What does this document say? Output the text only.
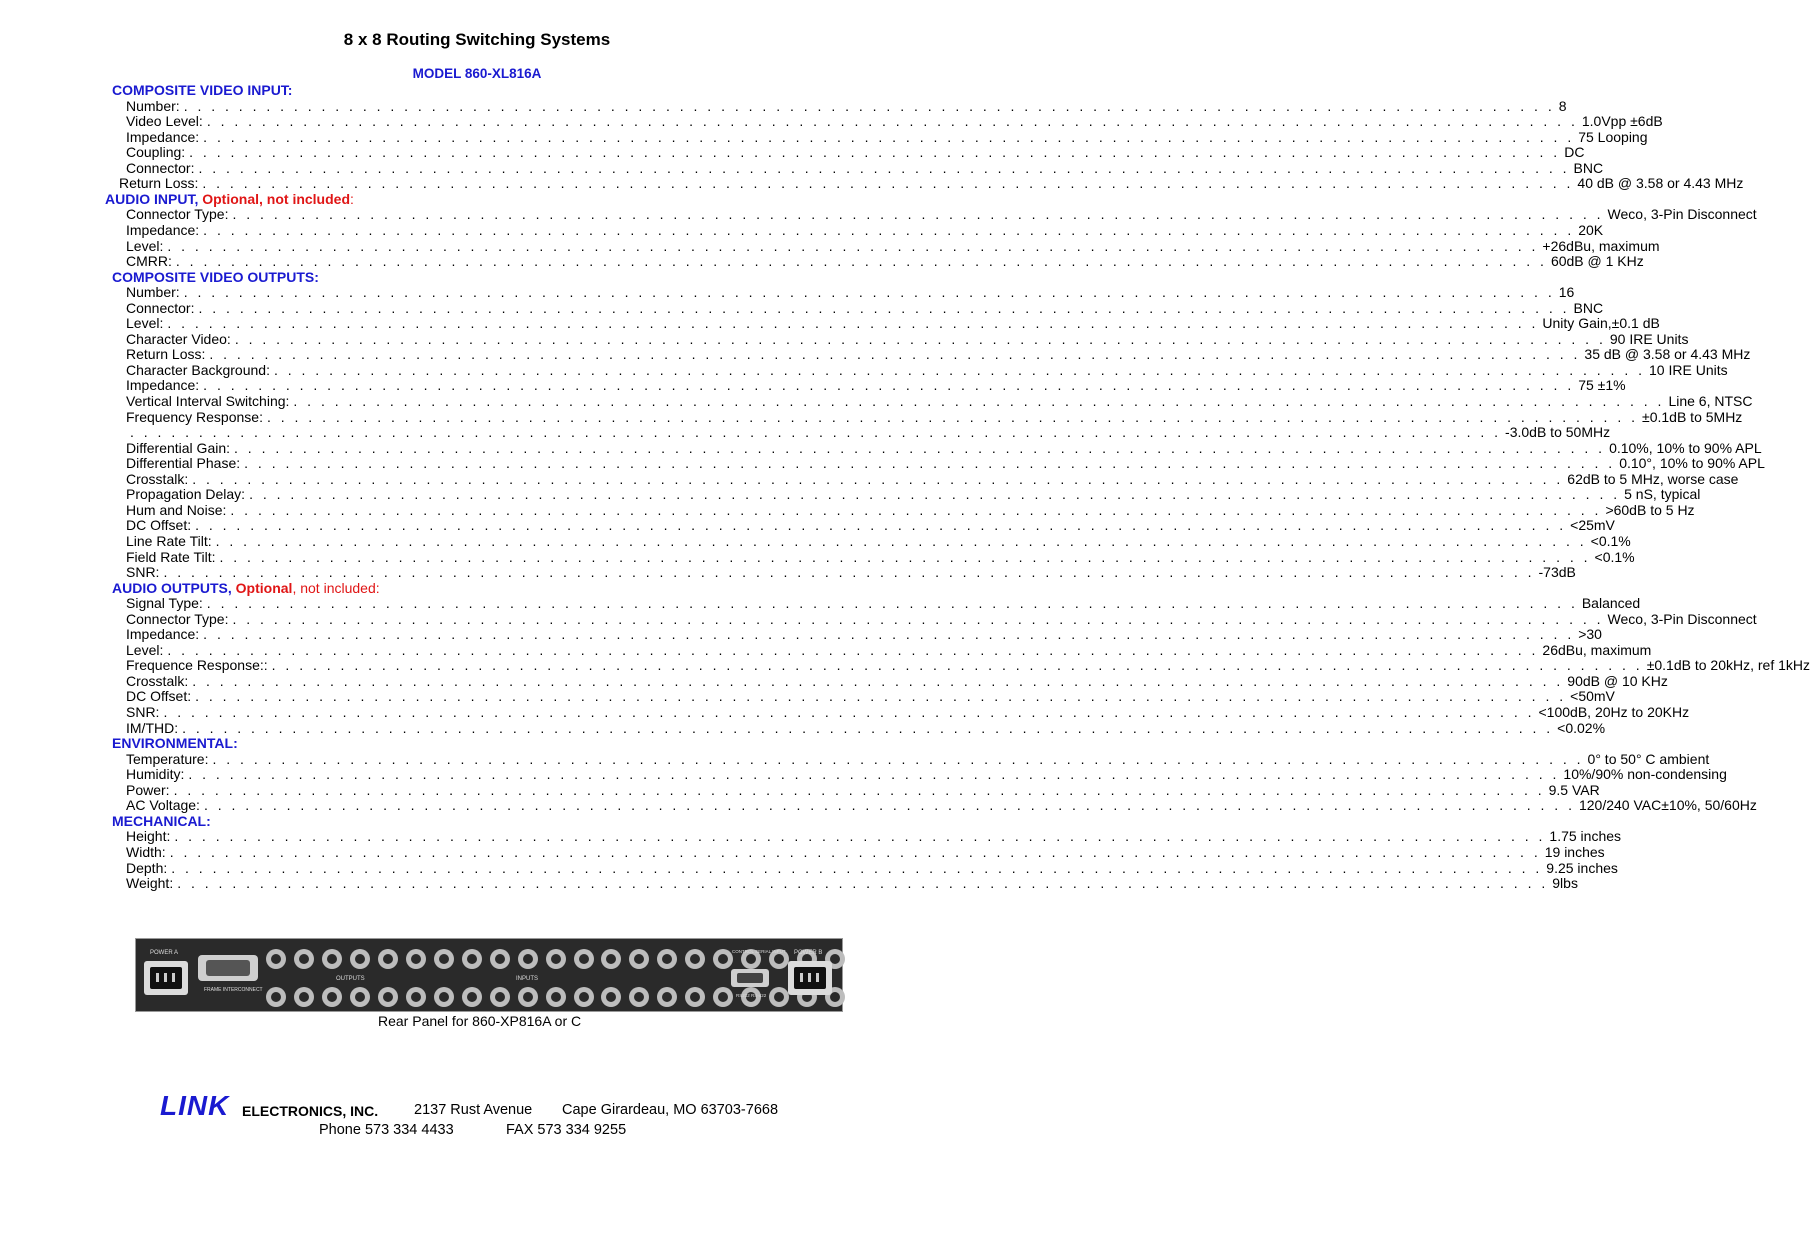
8 x 8 Routing Switching Systems
MODEL 860-XL816A
COMPOSITE VIDEO INPUT:
Number: . . . . . . . . . . . . . . . . . . . . . . . . . . . . . . . . . . . . . . . . . . . . . . . . . . . . . . . . . . . . . . . . . . . . . . . . . . . . . . . . . . . . . . . . . . . . . . . . . . . . 8
Video Level: . . . . . . . . . . . . . . . . . . . . . . . . . . . . . . . . . . . . . . . . . . . . . . . . . . . . . . . . . . . . . . . . . . . . . . . . . . . . . . . . . . . . . . . . . . . . . . . . . . . . 1.0Vpp ±6dB
Impedance: . . . . . . . . . . . . . . . . . . . . . . . . . . . . . . . . . . . . . . . . . . . . . . . . . . . . . . . . . . . . . . . . . . . . . . . . . . . . . . . . . . . . . . . . . . . . . . . . . . . . 75 Looping
Coupling: . . . . . . . . . . . . . . . . . . . . . . . . . . . . . . . . . . . . . . . . . . . . . . . . . . . . . . . . . . . . . . . . . . . . . . . . . . . . . . . . . . . . . . . . . . . . . . . . . . . . DC
Connector: . . . . . . . . . . . . . . . . . . . . . . . . . . . . . . . . . . . . . . . . . . . . . . . . . . . . . . . . . . . . . . . . . . . . . . . . . . . . . . . . . . . . . . . . . . . . . . . . . . . . BNC
Return Loss: . . . . . . . . . . . . . . . . . . . . . . . . . . . . . . . . . . . . . . . . . . . . . . . . . . . . . . . . . . . . . . . . . . . . . . . . . . . . . . . . . . . . . . . . . . . . . . . . . . . . 40 dB @ 3.58 or 4.43 MHz
AUDIO INPUT, Optional, not included:
Connector Type: . . . . . . . . . . . . . . . . . . . . . . . . . . . . . . . . . . . . . . . . . . . . . . . . . . . . . . . . . . . . . . . . . . . . . . . . . . . . . . . . . . . . . . . . . . . . . . . . . . . . Weco, 3-Pin Disconnect
Impedance: . . . . . . . . . . . . . . . . . . . . . . . . . . . . . . . . . . . . . . . . . . . . . . . . . . . . . . . . . . . . . . . . . . . . . . . . . . . . . . . . . . . . . . . . . . . . . . . . . . . . 20K
Level: . . . . . . . . . . . . . . . . . . . . . . . . . . . . . . . . . . . . . . . . . . . . . . . . . . . . . . . . . . . . . . . . . . . . . . . . . . . . . . . . . . . . . . . . . . . . . . . . . . . . +26dBu, maximum
CMRR: . . . . . . . . . . . . . . . . . . . . . . . . . . . . . . . . . . . . . . . . . . . . . . . . . . . . . . . . . . . . . . . . . . . . . . . . . . . . . . . . . . . . . . . . . . . . . . . . . . . . 60dB @ 1 KHz
COMPOSITE VIDEO OUTPUTS:
Number: . . . . . . . . . . . . . . . . . . . . . . . . . . . . . . . . . . . . . . . . . . . . . . . . . . . . . . . . . . . . . . . . . . . . . . . . . . . . . . . . . . . . . . . . . . . . . . . . . . . . 16
Connector: . . . . . . . . . . . . . . . . . . . . . . . . . . . . . . . . . . . . . . . . . . . . . . . . . . . . . . . . . . . . . . . . . . . . . . . . . . . . . . . . . . . . . . . . . . . . . . . . . . . . BNC
Level: . . . . . . . . . . . . . . . . . . . . . . . . . . . . . . . . . . . . . . . . . . . . . . . . . . . . . . . . . . . . . . . . . . . . . . . . . . . . . . . . . . . . . . . . . . . . . . . . . . . . Unity Gain,±0.1 dB
Character Video: . . . . . . . . . . . . . . . . . . . . . . . . . . . . . . . . . . . . . . . . . . . . . . . . . . . . . . . . . . . . . . . . . . . . . . . . . . . . . . . . . . . . . . . . . . . . . . . . . . . . 90 IRE Units
Return Loss: . . . . . . . . . . . . . . . . . . . . . . . . . . . . . . . . . . . . . . . . . . . . . . . . . . . . . . . . . . . . . . . . . . . . . . . . . . . . . . . . . . . . . . . . . . . . . . . . . . . . 35 dB @ 3.58 or 4.43 MHz
Character Background: . . . . . . . . . . . . . . . . . . . . . . . . . . . . . . . . . . . . . . . . . . . . . . . . . . . . . . . . . . . . . . . . . . . . . . . . . . . . . . . . . . . . . . . . . . . . . . . . . . . . 10 IRE Units
Impedance: . . . . . . . . . . . . . . . . . . . . . . . . . . . . . . . . . . . . . . . . . . . . . . . . . . . . . . . . . . . . . . . . . . . . . . . . . . . . . . . . . . . . . . . . . . . . . . . . . . . . 75 ±1%
Vertical Interval Switching: . . . . . . . . . . . . . . . . . . . . . . . . . . . . . . . . . . . . . . . . . . . . . . . . . . . . . . . . . . . . . . . . . . . . . . . . . . . . . . . . . . . . . . . . . . . . . . . . . . . . Line 6, NTSC
Frequency Response: . . . . . . . . . . . . . . . . . . . . . . . . . . . . . . . . . . . . . . . . . . . . . . . . . . . . . . . . . . . . . . . . . . . . . . . . . . . . . . . . . . . . . . . . . . . . . . . . . . . . ±0.1dB to 5MHz
. . . . . . . . . . . . . . . . . . . . . . . . . . . . . . . . . . . . . . . . . . . . . . . . . . . . . . . . . . . . . . . . . . . . . . . . . . . . . . . . . . . . . . . . . . . . . . . . . . . . -3.0dB to 50MHz
Differential Gain: . . . . . . . . . . . . . . . . . . . . . . . . . . . . . . . . . . . . . . . . . . . . . . . . . . . . . . . . . . . . . . . . . . . . . . . . . . . . . . . . . . . . . . . . . . . . . . . . . . . . 0.10%, 10% to 90% APL
Differential Phase: . . . . . . . . . . . . . . . . . . . . . . . . . . . . . . . . . . . . . . . . . . . . . . . . . . . . . . . . . . . . . . . . . . . . . . . . . . . . . . . . . . . . . . . . . . . . . . . . . . . . 0.10°, 10% to 90% APL
Crosstalk: . . . . . . . . . . . . . . . . . . . . . . . . . . . . . . . . . . . . . . . . . . . . . . . . . . . . . . . . . . . . . . . . . . . . . . . . . . . . . . . . . . . . . . . . . . . . . . . . . . . . 62dB to 5 MHz, worse case
Propagation Delay: . . . . . . . . . . . . . . . . . . . . . . . . . . . . . . . . . . . . . . . . . . . . . . . . . . . . . . . . . . . . . . . . . . . . . . . . . . . . . . . . . . . . . . . . . . . . . . . . . . . . 5 nS, typical
Hum and Noise: . . . . . . . . . . . . . . . . . . . . . . . . . . . . . . . . . . . . . . . . . . . . . . . . . . . . . . . . . . . . . . . . . . . . . . . . . . . . . . . . . . . . . . . . . . . . . . . . . . . . >60dB to 5 Hz
DC Offset: . . . . . . . . . . . . . . . . . . . . . . . . . . . . . . . . . . . . . . . . . . . . . . . . . . . . . . . . . . . . . . . . . . . . . . . . . . . . . . . . . . . . . . . . . . . . . . . . . . . . <25mV
Line Rate Tilt: . . . . . . . . . . . . . . . . . . . . . . . . . . . . . . . . . . . . . . . . . . . . . . . . . . . . . . . . . . . . . . . . . . . . . . . . . . . . . . . . . . . . . . . . . . . . . . . . . . . . <0.1%
Field Rate Tilt: . . . . . . . . . . . . . . . . . . . . . . . . . . . . . . . . . . . . . . . . . . . . . . . . . . . . . . . . . . . . . . . . . . . . . . . . . . . . . . . . . . . . . . . . . . . . . . . . . . . . <0.1%
SNR: . . . . . . . . . . . . . . . . . . . . . . . . . . . . . . . . . . . . . . . . . . . . . . . . . . . . . . . . . . . . . . . . . . . . . . . . . . . . . . . . . . . . . . . . . . . . . . . . . . . . -73dB
AUDIO OUTPUTS, Optional, not included:
Signal Type: . . . . . . . . . . . . . . . . . . . . . . . . . . . . . . . . . . . . . . . . . . . . . . . . . . . . . . . . . . . . . . . . . . . . . . . . . . . . . . . . . . . . . . . . . . . . . . . . . . . . Balanced
Connector Type: . . . . . . . . . . . . . . . . . . . . . . . . . . . . . . . . . . . . . . . . . . . . . . . . . . . . . . . . . . . . . . . . . . . . . . . . . . . . . . . . . . . . . . . . . . . . . . . . . . . . Weco, 3-Pin Disconnect
Impedance: . . . . . . . . . . . . . . . . . . . . . . . . . . . . . . . . . . . . . . . . . . . . . . . . . . . . . . . . . . . . . . . . . . . . . . . . . . . . . . . . . . . . . . . . . . . . . . . . . . . . >30
Level: . . . . . . . . . . . . . . . . . . . . . . . . . . . . . . . . . . . . . . . . . . . . . . . . . . . . . . . . . . . . . . . . . . . . . . . . . . . . . . . . . . . . . . . . . . . . . . . . . . . . 26dBu, maximum
Frequence Response:: . . . . . . . . . . . . . . . . . . . . . . . . . . . . . . . . . . . . . . . . . . . . . . . . . . . . . . . . . . . . . . . . . . . . . . . . . . . . . . . . . . . . . . . . . . . . . . . . . . . . ±0.1dB to 20kHz, ref 1kHz
Crosstalk: . . . . . . . . . . . . . . . . . . . . . . . . . . . . . . . . . . . . . . . . . . . . . . . . . . . . . . . . . . . . . . . . . . . . . . . . . . . . . . . . . . . . . . . . . . . . . . . . . . . . 90dB @ 10 KHz
DC Offset: . . . . . . . . . . . . . . . . . . . . . . . . . . . . . . . . . . . . . . . . . . . . . . . . . . . . . . . . . . . . . . . . . . . . . . . . . . . . . . . . . . . . . . . . . . . . . . . . . . . . <50mV
SNR: . . . . . . . . . . . . . . . . . . . . . . . . . . . . . . . . . . . . . . . . . . . . . . . . . . . . . . . . . . . . . . . . . . . . . . . . . . . . . . . . . . . . . . . . . . . . . . . . . . . . <100dB, 20Hz to 20KHz
IM/THD: . . . . . . . . . . . . . . . . . . . . . . . . . . . . . . . . . . . . . . . . . . . . . . . . . . . . . . . . . . . . . . . . . . . . . . . . . . . . . . . . . . . . . . . . . . . . . . . . . . . . <0.02%
ENVIRONMENTAL:
Temperature: . . . . . . . . . . . . . . . . . . . . . . . . . . . . . . . . . . . . . . . . . . . . . . . . . . . . . . . . . . . . . . . . . . . . . . . . . . . . . . . . . . . . . . . . . . . . . . . . . . . . 0° to 50° C ambient
Humidity: . . . . . . . . . . . . . . . . . . . . . . . . . . . . . . . . . . . . . . . . . . . . . . . . . . . . . . . . . . . . . . . . . . . . . . . . . . . . . . . . . . . . . . . . . . . . . . . . . . . . 10%/90% non-condensing
Power: . . . . . . . . . . . . . . . . . . . . . . . . . . . . . . . . . . . . . . . . . . . . . . . . . . . . . . . . . . . . . . . . . . . . . . . . . . . . . . . . . . . . . . . . . . . . . . . . . . . . 9.5 VAR
AC Voltage: . . . . . . . . . . . . . . . . . . . . . . . . . . . . . . . . . . . . . . . . . . . . . . . . . . . . . . . . . . . . . . . . . . . . . . . . . . . . . . . . . . . . . . . . . . . . . . . . . . . . 120/240 VAC±10%, 50/60Hz
MECHANICAL:
Height: . . . . . . . . . . . . . . . . . . . . . . . . . . . . . . . . . . . . . . . . . . . . . . . . . . . . . . . . . . . . . . . . . . . . . . . . . . . . . . . . . . . . . . . . . . . . . . . . . . . . 1.75 inches
Width: . . . . . . . . . . . . . . . . . . . . . . . . . . . . . . . . . . . . . . . . . . . . . . . . . . . . . . . . . . . . . . . . . . . . . . . . . . . . . . . . . . . . . . . . . . . . . . . . . . . . 19 inches
Depth: . . . . . . . . . . . . . . . . . . . . . . . . . . . . . . . . . . . . . . . . . . . . . . . . . . . . . . . . . . . . . . . . . . . . . . . . . . . . . . . . . . . . . . . . . . . . . . . . . . . . 9.25 inches
Weight: . . . . . . . . . . . . . . . . . . . . . . . . . . . . . . . . . . . . . . . . . . . . . . . . . . . . . . . . . . . . . . . . . . . . . . . . . . . . . . . . . . . . . . . . . . . . . . . . . . . . 9lbs
POWER A
FRAME INTERCONNECT
OUTPUTS	INPUTS
CONTROL SERIAL INPUT
RS232 RS-422
POWER B
Rear Panel for 860-XP816A or C
LINK ELECTRONICS, INC. 2137 Rust Avenue Cape Girardeau, MO 63703-7668
Phone 573 334 4433	FAX 573 334 9255
